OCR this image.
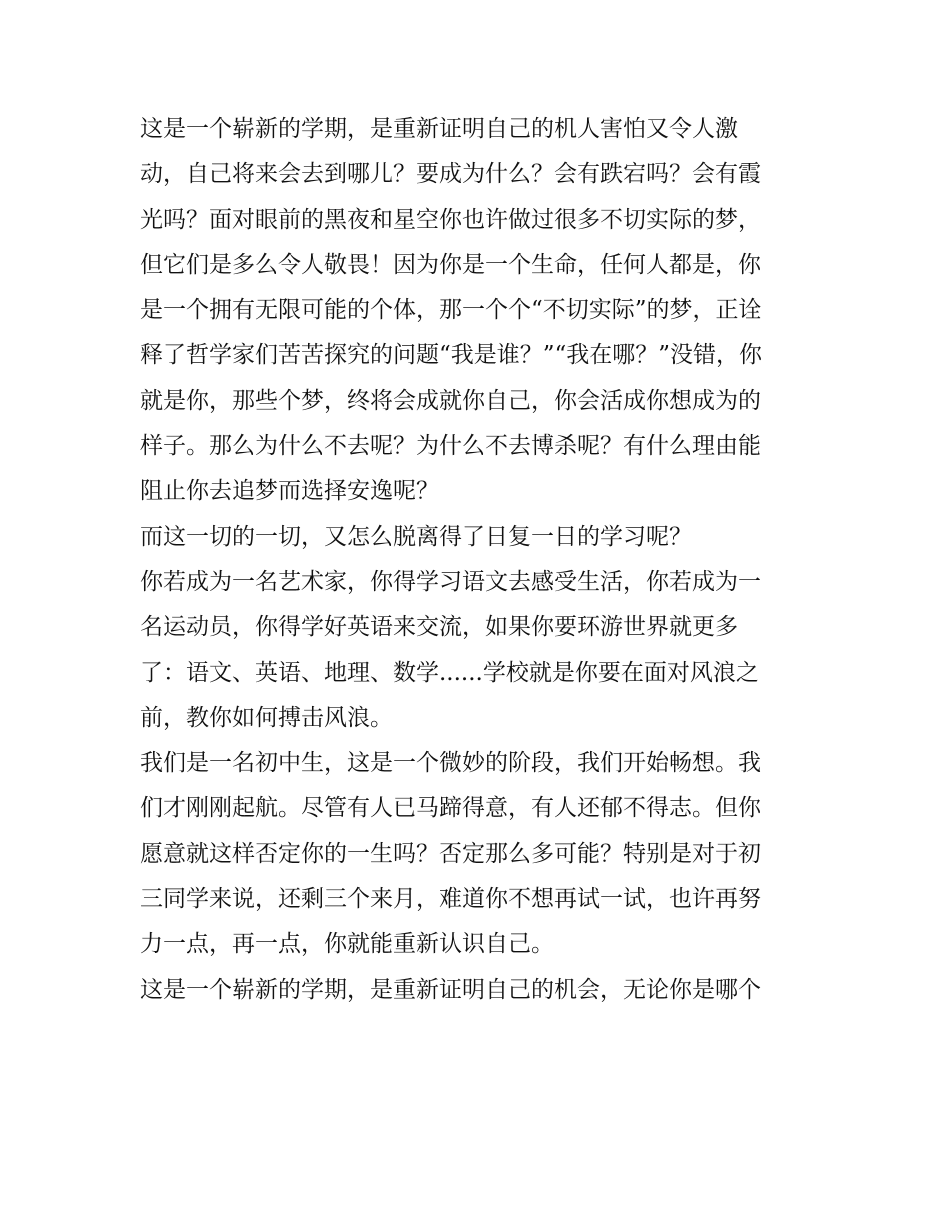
这是一个崭新的学期，是重新证明自己的机人害怕又令人激
动，自己将来会去到哪儿？要成为什么？会有跌宕吗？会有霞
光吗？面对眼前的黑夜和星空你也许做过很多不切实际的梦，
但它们是多么令人敬畏！因为你是一个生命，任何人都是，你
是一个拥有无限可能的个体，那一个个“不切实际”的梦，正诠
释了哲学家们苦苦探究的问题“我是谁？”“我在哪？”没错，你
就是你，那些个梦，终将会成就你自己，你会活成你想成为的
样子。那么为什么不去呢？为什么不去博杀呢？有什么理由能
阻止你去追梦而选择安逸呢？
而这一切的一切，又怎么脱离得了日复一日的学习呢？
你若成为一名艺术家，你得学习语文去感受生活，你若成为一
名运动员，你得学好英语来交流，如果你要环游世界就更多
了：语文、英语、地理、数学......学校就是你要在面对风浪之
前，教你如何搏击风浪。
我们是一名初中生，这是一个微妙的阶段，我们开始畅想。我
们才刚刚起航。尽管有人已马蹄得意，有人还郁不得志。但你
愿意就这样否定你的一生吗？否定那么多可能？特别是对于初
三同学来说，还剩三个来月，难道你不想再试一试，也许再努
力一点，再一点，你就能重新认识自己。
这是一个崭新的学期，是重新证明自己的机会，无论你是哪个
